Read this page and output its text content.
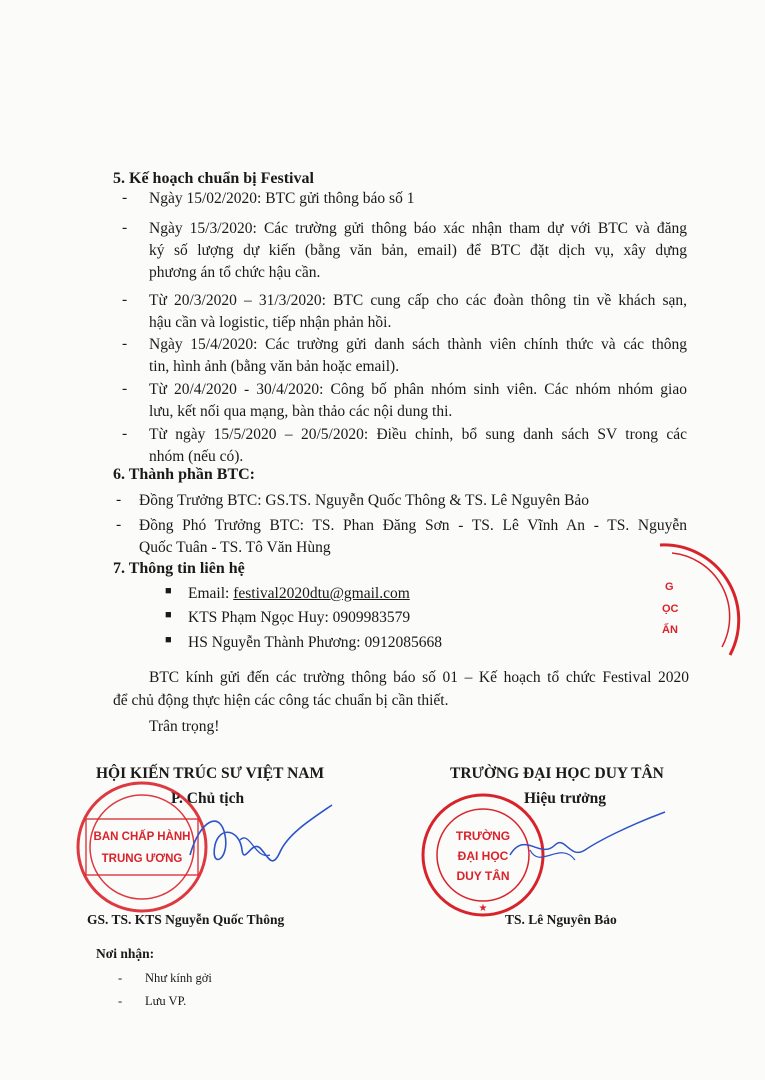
5. Kế hoạch chuẩn bị Festival
- Ngày 15/02/2020: BTC gửi thông báo số 1
- Ngày 15/3/2020: Các trường gửi thông báo xác nhận tham dự với BTC và đăng
ký số lượng dự kiến (bằng văn bản, email) để BTC đặt dịch vụ, xây dựng
phương án tổ chức hậu cần.
- Từ 20/3/2020 – 31/3/2020: BTC cung cấp cho các đoàn thông tin về khách sạn,
hậu cần và logistic, tiếp nhận phản hồi.
- Ngày 15/4/2020: Các trường gửi danh sách thành viên chính thức và các thông
tin, hình ảnh (bằng văn bản hoặc email).
- Từ 20/4/2020 - 30/4/2020: Công bố phân nhóm sinh viên. Các nhóm nhóm giao
lưu, kết nối qua mạng, bàn thảo các nội dung thi.
- Từ ngày 15/5/2020 – 20/5/2020: Điều chỉnh, bổ sung danh sách SV trong các
nhóm (nếu có).
6. Thành phần BTC:
- Đồng Trưởng BTC: GS.TS. Nguyễn Quốc Thông & TS. Lê Nguyên Bảo
- Đồng Phó Trưởng BTC: TS. Phan Đăng Sơn - TS. Lê Vĩnh An - TS. Nguyễn
Quốc Tuân - TS. Tô Văn Hùng
7. Thông tin liên hệ
■ Email: festival2020dtu@gmail.com
■ KTS Phạm Ngọc Huy: 0909983579
■ HS Nguyễn Thành Phương: 0912085668
BTC kính gửi đến các trường thông báo số 01 – Kế hoạch tổ chức Festival 2020
để chủ động thực hiện các công tác chuẩn bị cần thiết.
Trân trọng!
G
ỌC
ẤN
HỘI KIẾN TRÚC SƯ VIỆT NAM
P. Chủ tịch
TRƯỜNG ĐẠI HỌC DUY TÂN
Hiệu trưởng
BAN CHẤP HÀNH
TRUNG ƯƠNG
TRƯỜNG
ĐẠI HỌC
DUY TÂN
★
GS. TS. KTS Nguyễn Quốc Thông	TS. Lê Nguyên Bảo
Nơi nhận:
- Như kính gởi
- Lưu VP.
